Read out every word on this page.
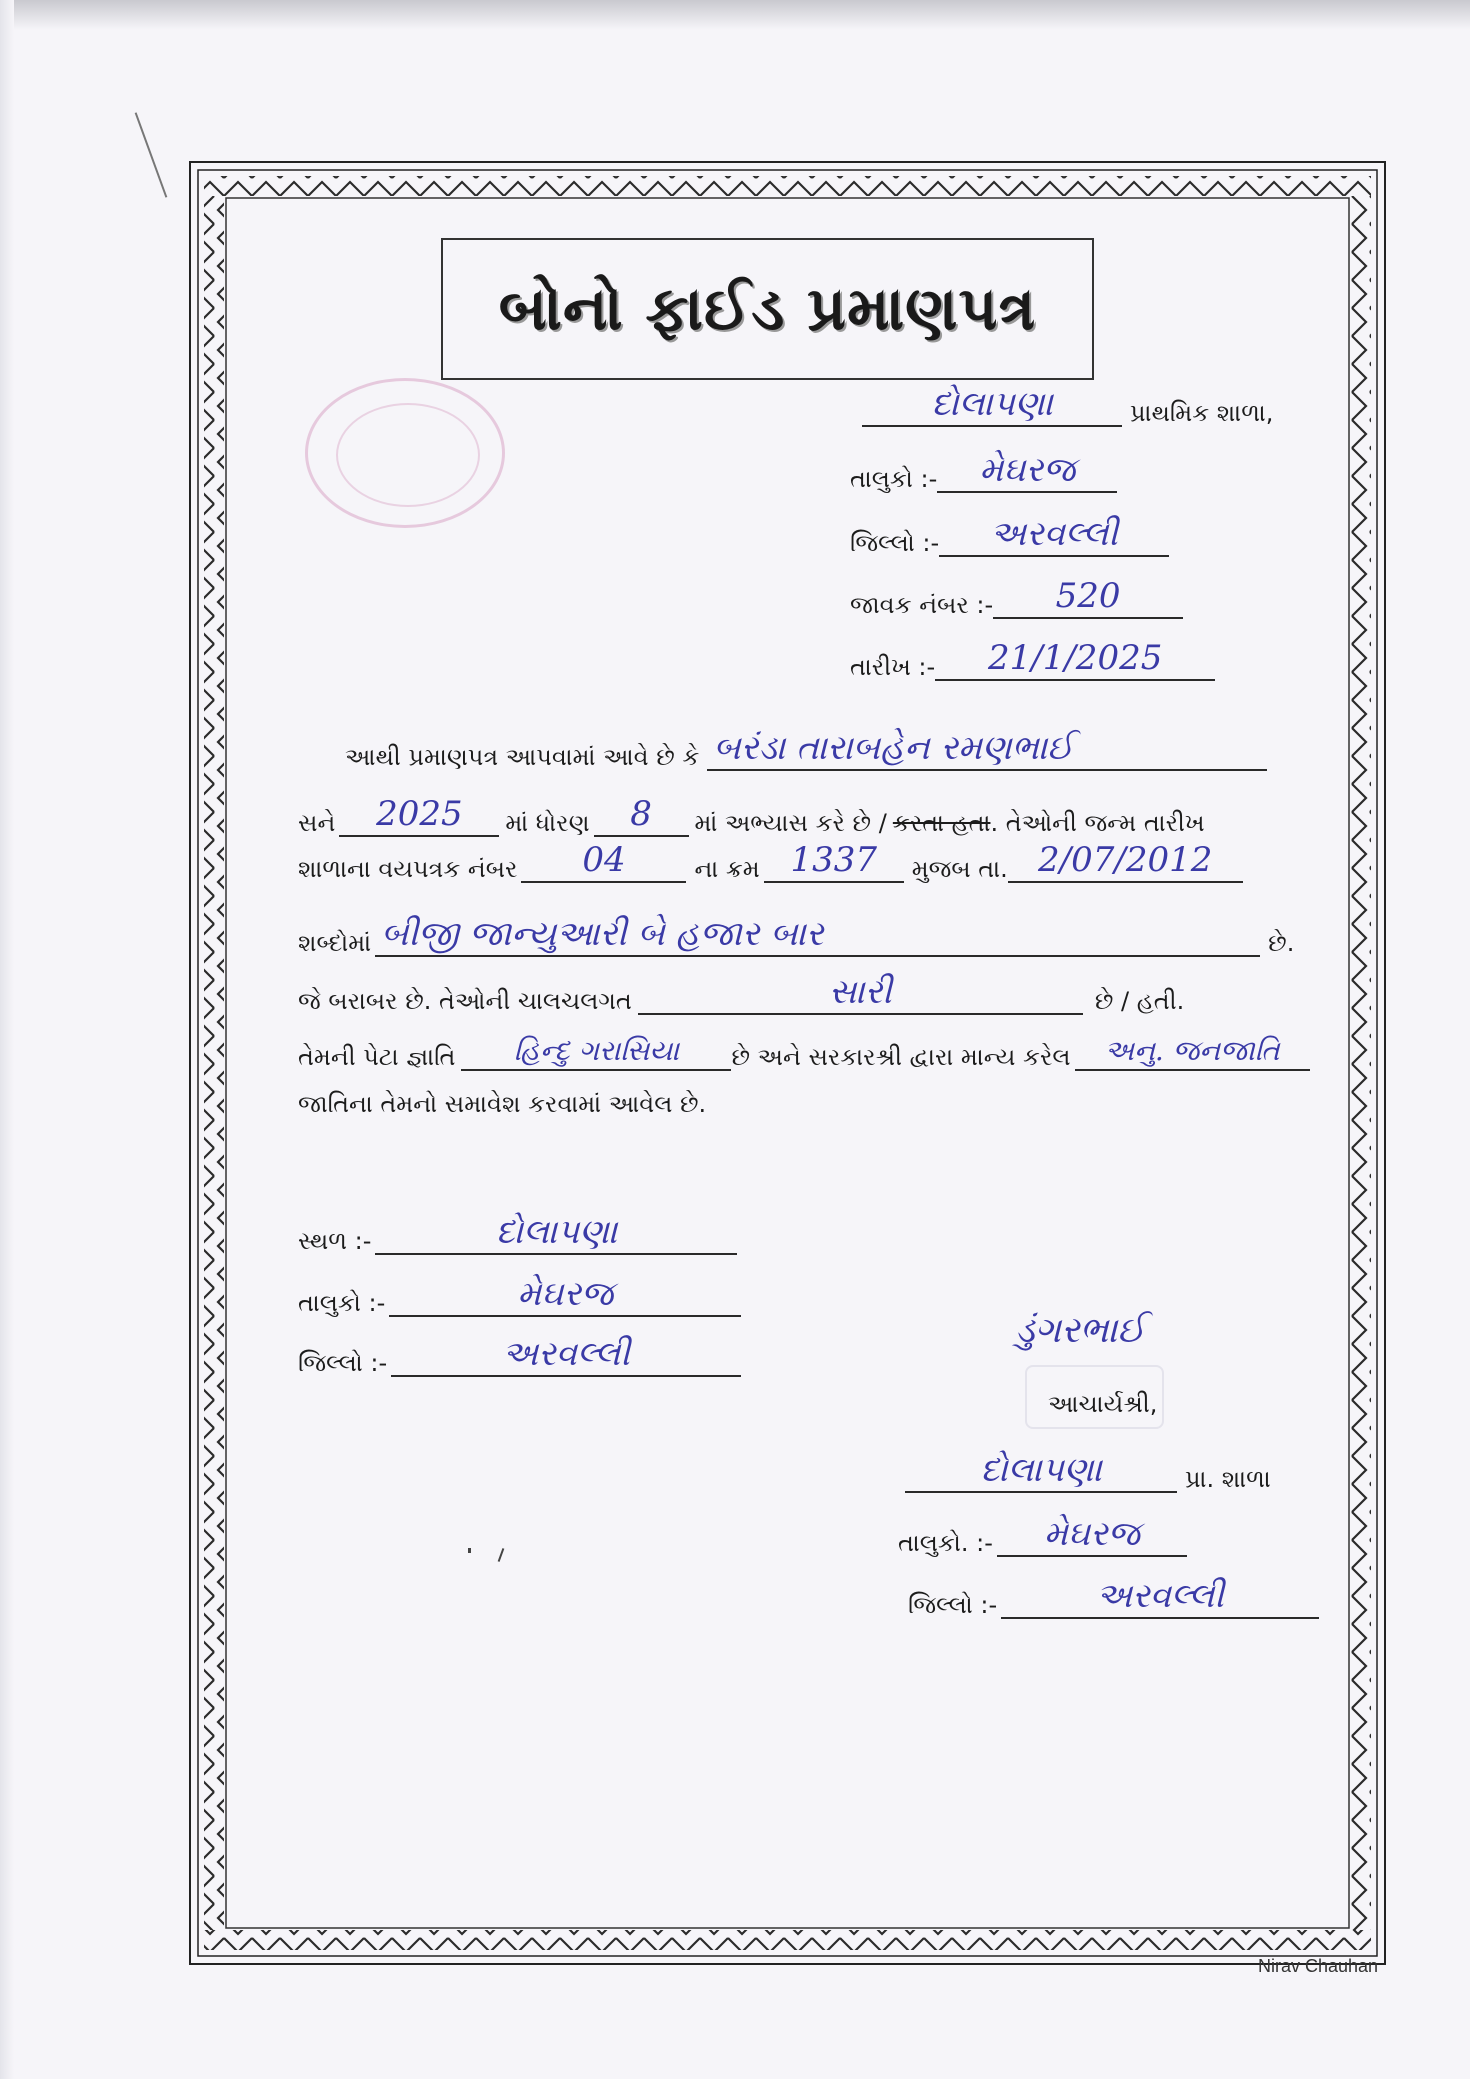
બોનો ફાઈડ પ્રમાણપત્ર
દોલાપણા	પ્રાથમિક શાળા,
તાલુકો :-	મેઘરજ
જિલ્લો :-	અરવલ્લી
જાવક નંબર :-	520
તારીખ :-	21/1/2025
આથી પ્રમાણપત્ર આપવામાં આવે છે કે બરંડા તારાબહેન રમણભાઈ
સને	2025	માં ધોરણ	8	માં અભ્યાસ કરે છે / કરતા હતા . તેઓની જન્મ તારીખ
શાળાના વયપત્રક નંબર	04	ના ક્રમ 1337	મુજબ તા. 2/07/2012
શબ્દોમાં બીજી જાન્યુઆરી બે હજાર બાર	છે.
જે બરાબર છે. તેઓની ચાલચલગત	સારી	છે / હતી.
તેમની પેટા જ્ઞાતિ	હિન્દુ ગરાસિયા	છે અને સરકારશ્રી દ્વારા માન્ય કરેલ	અનુ. જનજાતિ
જાતિના તેમનો સમાવેશ કરવામાં આવેલ છે.
સ્થળ :-	દોલાપણા
તાલુકો :-	મેઘરજ
જિલ્લો :-	અરવલ્લી
ડુંગરભાઈ
આચાર્યશ્રી,
દોલાપણા	પ્રા. શાળા
તાલુકો. :-	મેઘરજ
જિલ્લો :-	અરવલ્લી
Nirav Chauhan
